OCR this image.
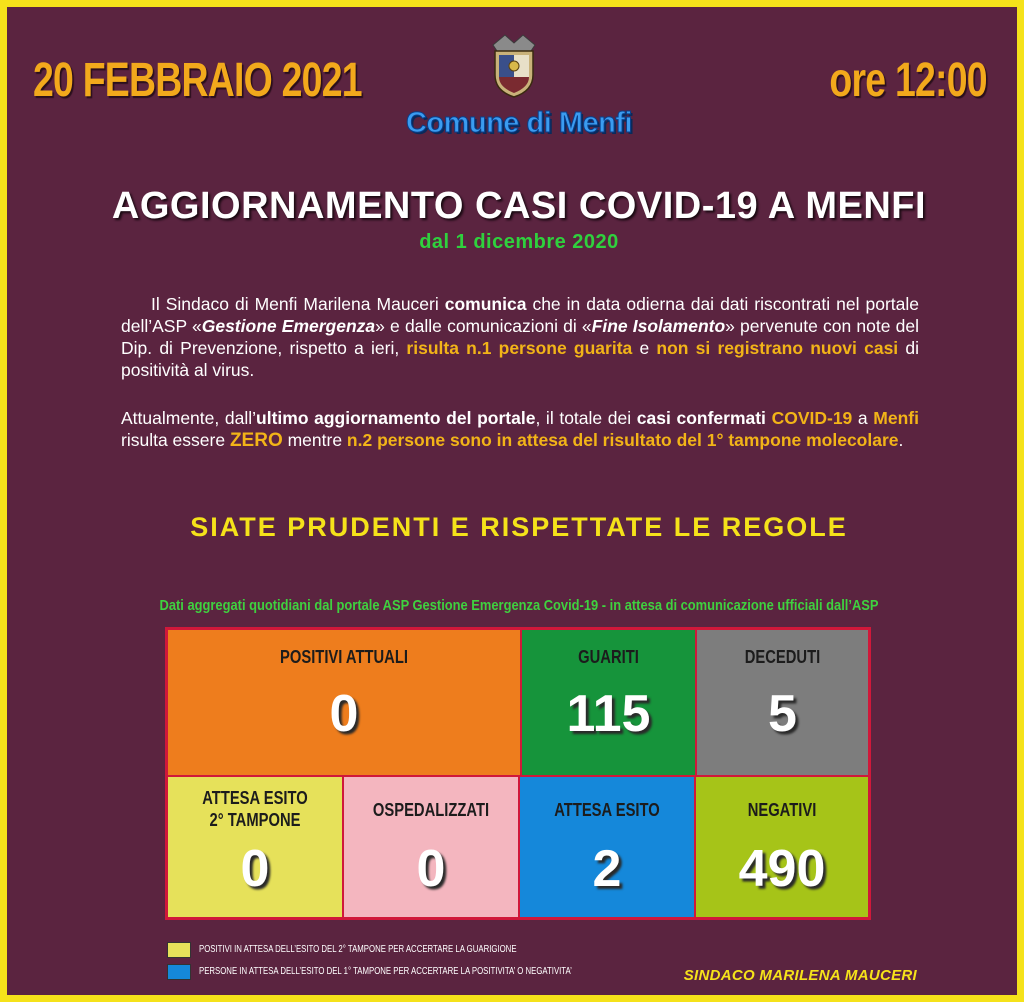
20 FEBBRAIO 2021	ore 12:00
Comune di Menfi
AGGIORNAMENTO CASI COVID-19 A MENFI
dal 1 dicembre 2020
Il Sindaco di Menfi Marilena Mauceri comunica che in data odierna dai dati riscontrati nel portale dell’ASP «Gestione Emergenza» e dalle comunicazioni di «Fine Isolamento» pervenute con note del Dip. di Prevenzione, rispetto a ieri, risulta n.1 persone guarita e non si registrano nuovi casi di positività al virus.
Attualmente, dall’ultimo aggiornamento del portale, il totale dei casi confermati COVID-19 a Menfi risulta essere ZERO mentre n.2 persone sono in attesa del risultato del 1° tampone molecolare.
SIATE PRUDENTI E RISPETTATE LE REGOLE
Dati aggregati quotidiani dal portale ASP Gestione Emergenza Covid-19 - in attesa di comunicazione ufficiali dall’ASP
POSITIVI ATTUALI
0
GUARITI
115
DECEDUTI
5
ATTESA ESITO
2° TAMPONE
0
OSPEDALIZZATI
0
ATTESA ESITO
2
NEGATIVI
490
POSITIVI IN ATTESA DELL’ESITO DEL 2° TAMPONE PER ACCERTARE LA GUARIGIONE
PERSONE IN ATTESA DELL’ESITO DEL 1° TAMPONE PER ACCERTARE LA POSITIVITA’ O NEGATIVITA’	SINDACO MARILENA MAUCERI
